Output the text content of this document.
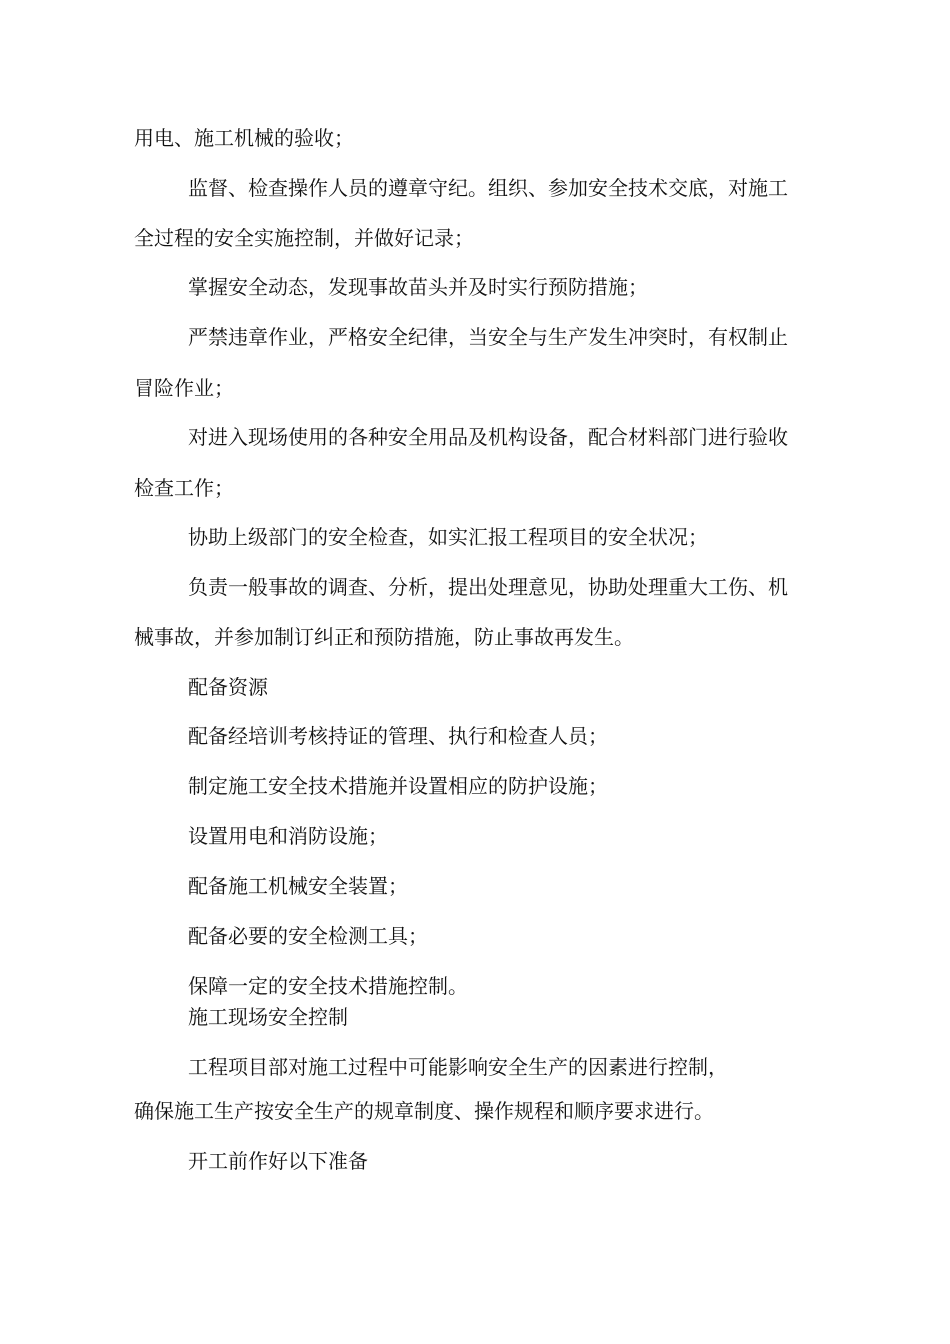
用电、施工机械的验收；

监督、检查操作人员的遵章守纪。组织、参加安全技术交底，对施工

全过程的安全实施控制，并做好记录；

掌握安全动态，发现事故苗头并及时实行预防措施；

严禁违章作业，严格安全纪律，当安全与生产发生冲突时，有权制止

冒险作业；

对进入现场使用的各种安全用品及机构设备，配合材料部门进行验收

检查工作；

协助上级部门的安全检查，如实汇报工程项目的安全状况；

负责一般事故的调查、分析，提出处理意见，协助处理重大工伤、机

械事故，并参加制订纠正和预防措施，防止事故再发生。

配备资源

配备经培训考核持证的管理、执行和检查人员；

制定施工安全技术措施并设置相应的防护设施；

设置用电和消防设施；

配备施工机械安全装置；

配备必要的安全检测工具；

保障一定的安全技术措施控制。

施工现场安全控制

工程项目部对施工过程中可能影响安全生产的因素进行控制，

确保施工生产按安全生产的规章制度、操作规程和顺序要求进行。

开工前作好以下准备
